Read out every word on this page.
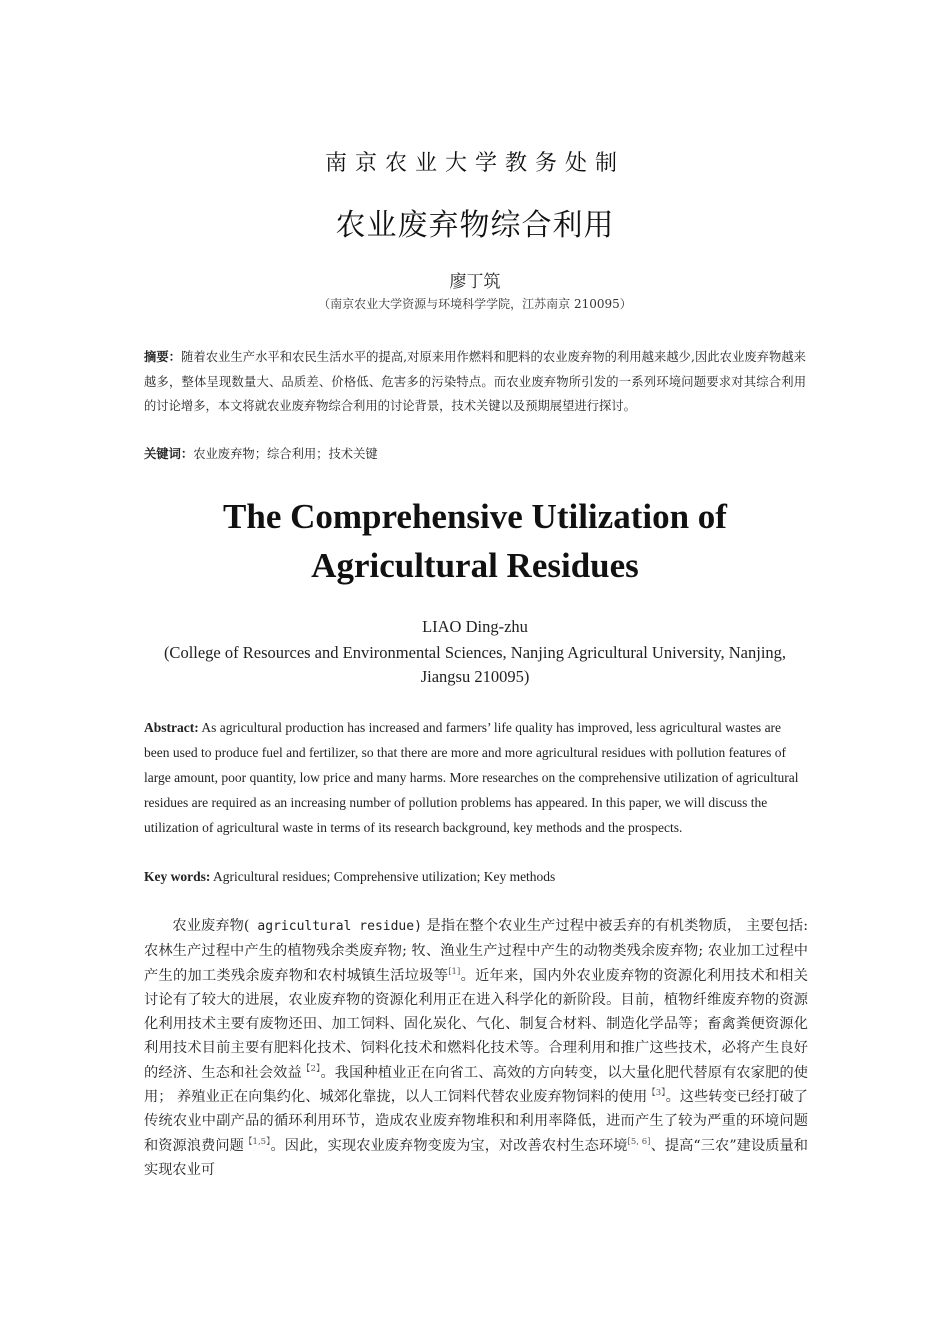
南京农业大学教务处制
农业废弃物综合利用
廖丁筑
（南京农业大学资源与环境科学学院，江苏南京 210095）
摘要：随着农业生产水平和农民生活水平的提高,对原来用作燃料和肥料的农业废弃物的利用越来越少,因此农业废弃物越来越多，整体呈现数量大、品质差、价格低、危害多的污染特点。而农业废弃物所引发的一系列环境问题要求对其综合利用的讨论增多，本文将就农业废弃物综合利用的讨论背景，技术关键以及预期展望进行探讨。
关键词：农业废弃物；综合利用；技术关键
The Comprehensive Utilization of Agricultural Residues
LIAO Ding-zhu
(College of Resources and Environmental Sciences, Nanjing Agricultural University, Nanjing, Jiangsu 210095)
Abstract: As agricultural production has increased and farmers’ life quality has improved, less agricultural wastes are been used to produce fuel and fertilizer, so that there are more and more agricultural residues with pollution features of large amount, poor quantity, low price and many harms. More researches on the comprehensive utilization of agricultural residues are required as an increasing number of pollution problems has appeared. In this paper, we will discuss the utilization of agricultural waste in terms of its research background, key methods and the prospects.
Key words: Agricultural residues; Comprehensive utilization; Key methods

农业废弃物( agricultural residue) 是指在整个农业生产过程中被丢弃的有机类物质， 主要包括: 农林生产过程中产生的植物残余类废弃物; 牧、渔业生产过程中产生的动物类残余废弃物; 农业加工过程中产生的加工类残余废弃物和农村城镇生活垃圾等[1]。近年来，国内外农业废弃物的资源化利用技术和相关讨论有了较大的进展，农业废弃物的资源化利用正在进入科学化的新阶段。目前，植物纤维废弃物的资源化利用技术主要有废物还田、加工饲料、固化炭化、气化、制复合材料、制造化学品等；畜禽粪便资源化利用技术目前主要有肥料化技术、饲料化技术和燃料化技术等。合理利用和推广这些技术，必将产生良好的经济、生态和社会效益$^{【2】}$。我国种植业正在向省工、高效的方向转变，以大量化肥代替原有农家肥的使用； 养殖业正在向集约化、城郊化靠拢，以人工饲料代替农业废弃物饲料的使用$^{【3】}$。这些转变已经打破了传统农业中副产品的循环利用环节，造成农业废弃物堆积和利用率降低，进而产生了较为严重的环境问题和资源浪费问题$^{【1,5】}$。因此，实现农业废弃物变废为宝，对改善农村生态环境[5, 6]、提高“三农”建设质量和实现农业可
